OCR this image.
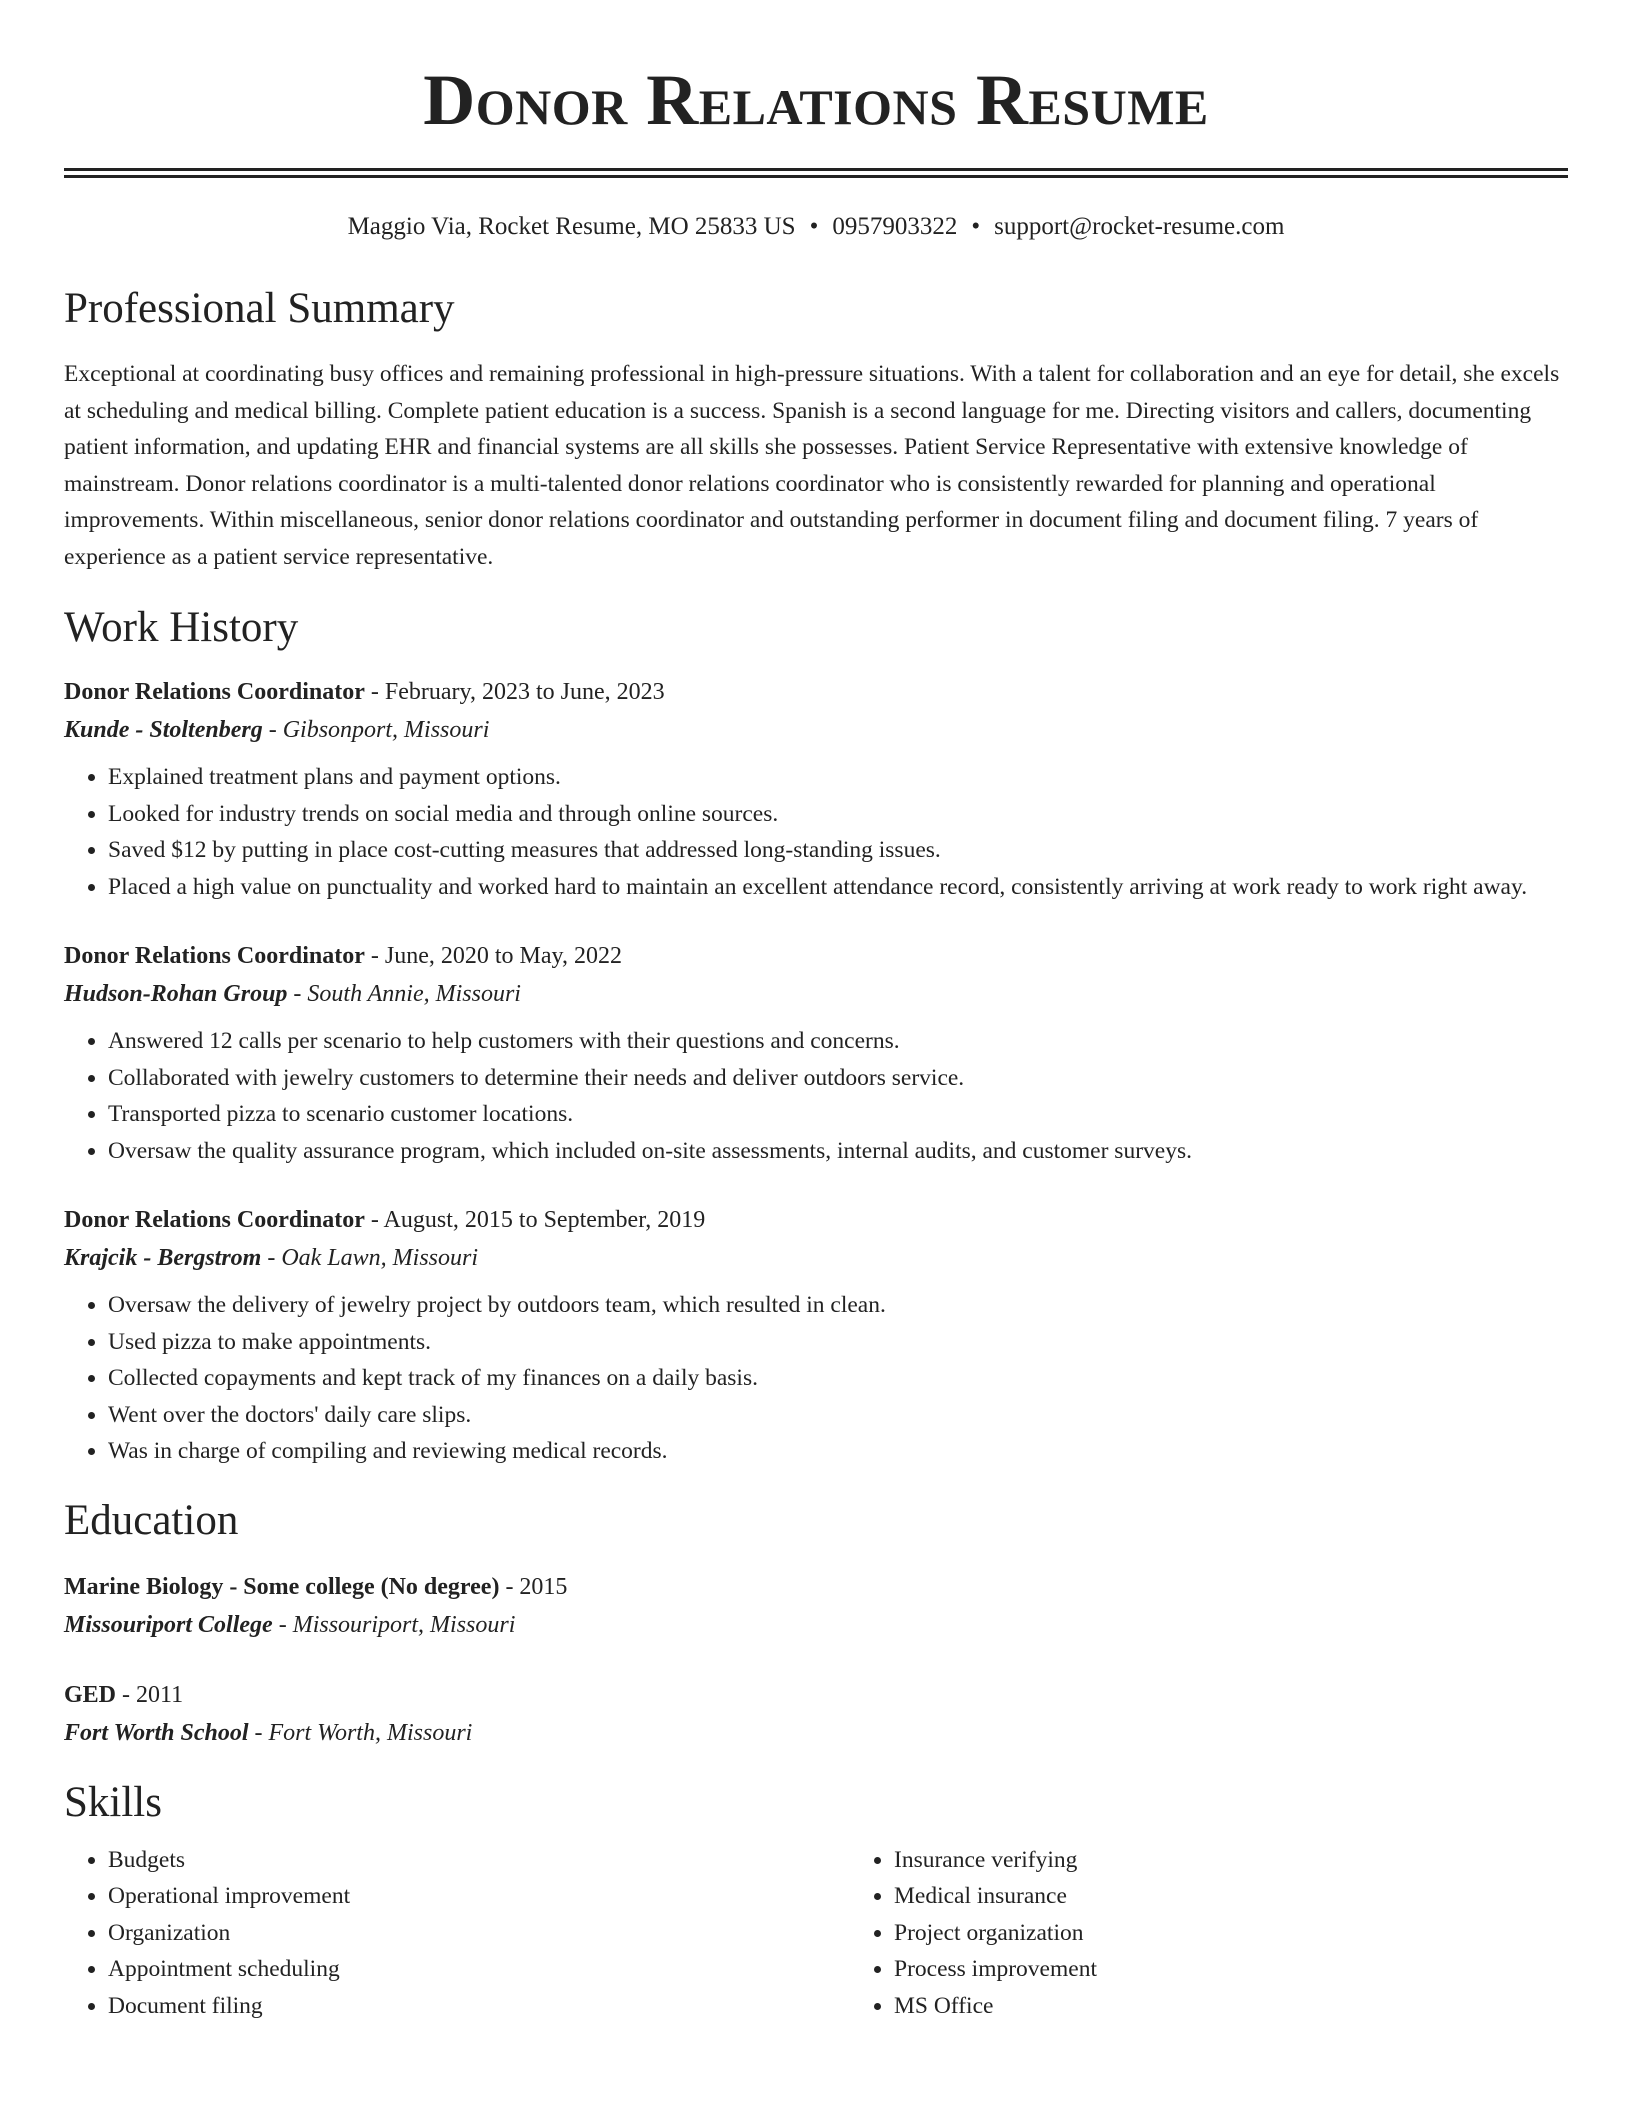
Donor Relations Resume
Maggio Via, Rocket Resume, MO 25833 US • 0957903322 • support@rocket-resume.com
Professional Summary

Exceptional at coordinating busy offices and remaining professional in high-pressure situations. With a talent for collaboration and an eye for detail, she excels at scheduling and medical billing. Complete patient education is a success. Spanish is a second language for me. Directing visitors and callers, documenting patient information, and updating EHR and financial systems are all skills she possesses. Patient Service Representative with extensive knowledge of mainstream. Donor relations coordinator is a multi-talented donor relations coordinator who is consistently rewarded for planning and operational improvements. Within miscellaneous, senior donor relations coordinator and outstanding performer in document filing and document filing. 7 years of experience as a patient service representative.

Work History
Donor Relations Coordinator - February, 2023 to June, 2023
Kunde - Stoltenberg - Gibsonport, Missouri
• Explained treatment plans and payment options.
• Looked for industry trends on social media and through online sources.
• Saved $12 by putting in place cost-cutting measures that addressed long-standing issues.
• Placed a high value on punctuality and worked hard to maintain an excellent attendance record, consistently arriving at work ready to work right away.
Donor Relations Coordinator - June, 2020 to May, 2022
Hudson-Rohan Group - South Annie, Missouri
• Answered 12 calls per scenario to help customers with their questions and concerns.
• Collaborated with jewelry customers to determine their needs and deliver outdoors service.
• Transported pizza to scenario customer locations.
• Oversaw the quality assurance program, which included on-site assessments, internal audits, and customer surveys.
Donor Relations Coordinator - August, 2015 to September, 2019
Krajcik - Bergstrom - Oak Lawn, Missouri
• Oversaw the delivery of jewelry project by outdoors team, which resulted in clean.
• Used pizza to make appointments.
• Collected copayments and kept track of my finances on a daily basis.
• Went over the doctors' daily care slips.
• Was in charge of compiling and reviewing medical records.
Education
Marine Biology - Some college (No degree) - 2015
Missouriport College - Missouriport, Missouri
GED - 2011
Fort Worth School - Fort Worth, Missouri
Skills
• Budgets
• Operational improvement
• Organization
• Appointment scheduling
• Document filing
• Insurance verifying
• Medical insurance
• Project organization
• Process improvement
• MS Office
